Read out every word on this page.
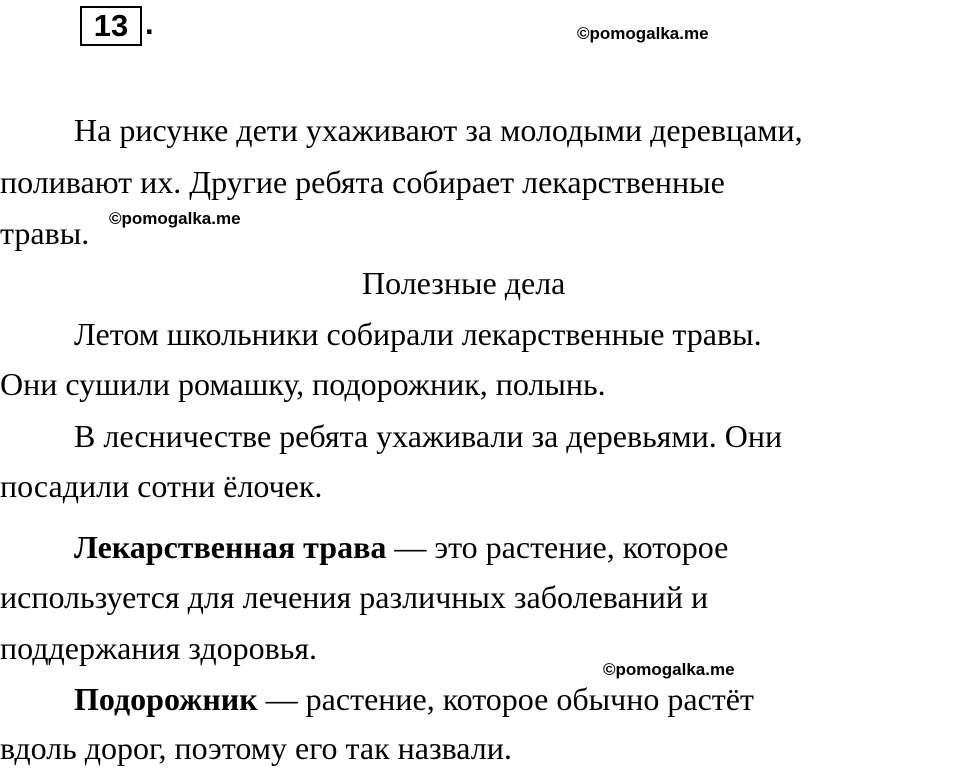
13 .	©pomogalka.me
На рисунке дети ухаживают за молодыми деревцами,
поливают их. Другие ребята собирает лекарственные
травы. ©pomogalka.me
Полезные дела
Летом школьники собирали лекарственные травы.
Они сушили ромашку, подорожник, полынь.
В лесничестве ребята ухаживали за деревьями. Они
посадили сотни ёлочек.
Лекарственная трава — это растение, которое
используется для лечения различных заболеваний и
поддержания здоровья.
©pomogalka.me
Подорожник — растение, которое обычно растёт
вдоль дорог, поэтому его так назвали.
